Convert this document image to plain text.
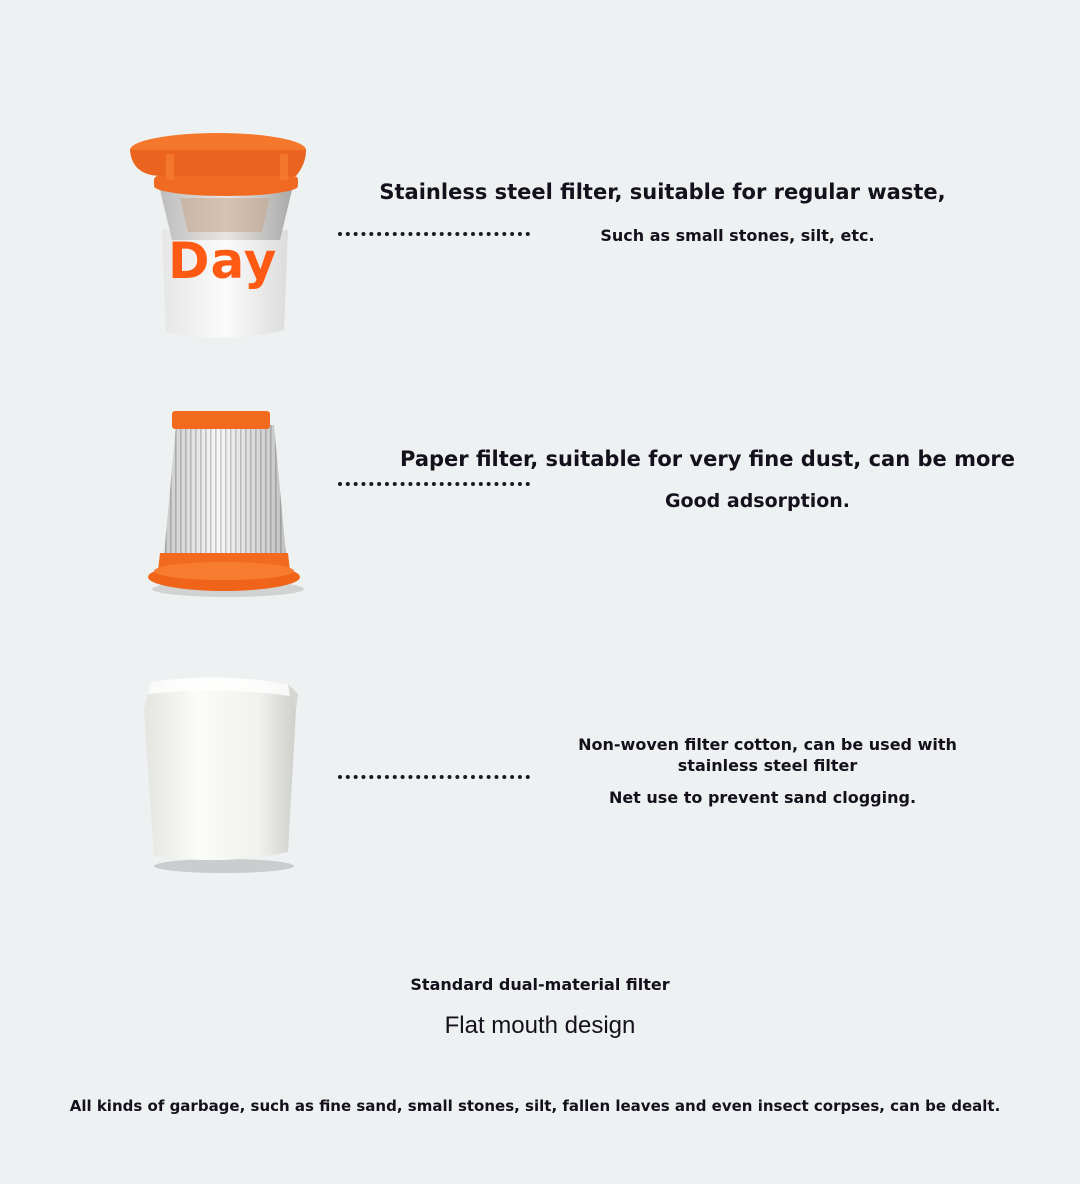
Day
Stainless steel filter, suitable for regular waste,
Such as small stones, silt, etc.
Paper filter, suitable for very fine dust, can be more
Good adsorption.
Non-woven filter cotton, can be used with
stainless steel filter
Net use to prevent sand clogging.
Standard dual-material filter
Flat mouth design
All kinds of garbage, such as fine sand, small stones, silt, fallen leaves and even insect corpses, can be dealt.
